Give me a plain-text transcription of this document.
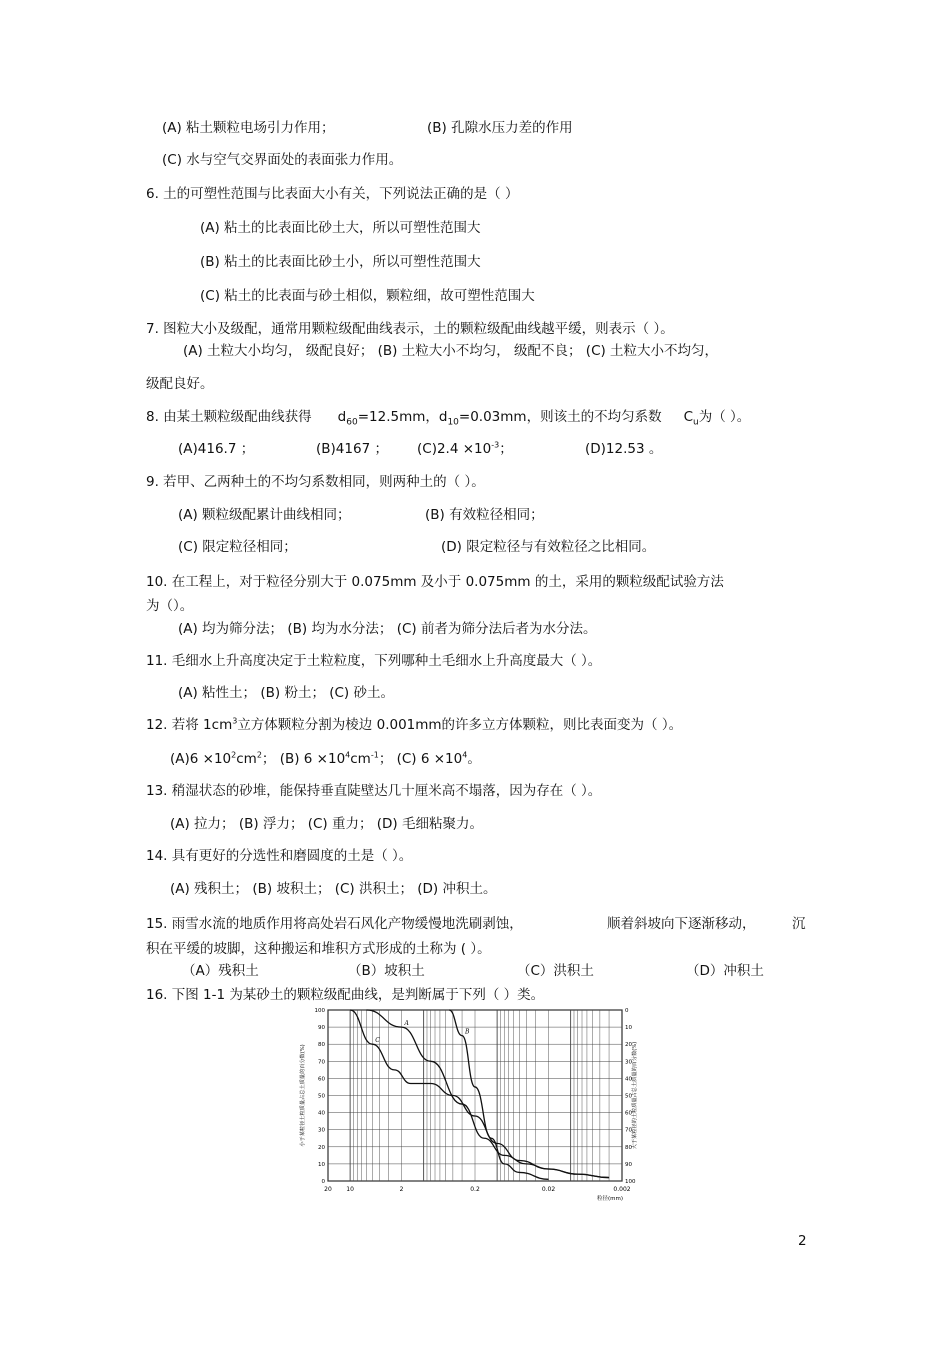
(A) 粘土颗粒电场引力作用；	(B) 孔隙水压力差的作用
(C) 水与空气交界面处的表面张力作用。
6. 土的可塑性范围与比表面大小有关，下列说法正确的是（ ）
(A) 粘土的比表面比砂土大，所以可塑性范围大
(B) 粘土的比表面比砂土小，所以可塑性范围大
(C) 粘土的比表面与砂土相似，颗粒细，故可塑性范围大
7. 图粒大小及级配，通常用颗粒级配曲线表示，土的颗粒级配曲线越平缓，则表示（ ）。
(A) 土粒大小均匀， 级配良好； (B) 土粒大小不均匀， 级配不良； (C) 土粒大小不均匀，
级配良好。
8. 由某土颗粒级配曲线获得 $d_{60}=12.5mm$，$d_{10}=0.03mm$，则该土的不均匀系数 $C_u$为（ ）。
(A)416.7 ；	(B)4167 ； $(C)2.4 \times 10^{-3}$；	(D)12.53 。
9. 若甲、乙两种土的不均匀系数相同，则两种土的（ ）。
(A) 颗粒级配累计曲线相同；	(B) 有效粒径相同；
(C) 限定粒径相同；	(D) 限定粒径与有效粒径之比相同。
10. 在工程上，对于粒径分别大于 0.075mm 及小于 0.075mm 的土，采用的颗粒级配试验方法
为（）。
(A) 均为筛分法； (B) 均为水分法； (C) 前者为筛分法后者为水分法。
11. 毛细水上升高度决定于土粒粒度，下列哪种土毛细水上升高度最大（ ）。
(A) 粘性土； (B) 粉土； (C) 砂土。
12. 若将 $1cm^3$立方体颗粒分割为棱边 0.001mm的许多立方体颗粒，则比表面变为（ ）。
$(A)6 \times 10^2cm^2$； (B) $6 \times 10^4cm^{-1}$； (C) $6 \times 10^4$。
13. 稍湿状态的砂堆，能保持垂直陡壁达几十厘米高不塌落，因为存在（ ）。
(A) 拉力； (B) 浮力； (C) 重力； (D) 毛细粘聚力。
14. 具有更好的分选性和磨圆度的土是（ ）。
(A) 残积土； (B) 坡积土； (C) 洪积土； (D) 冲积土。
15. 雨雪水流的地质作用将高处岩石风化产物缓慢地洗刷剥蚀，	顺着斜坡向下逐渐移动，	沉
积在平缓的坡脚，这种搬运和堆积方式形成的土称为 ( ）。
（A）残积土	（B）坡积土	（C）洪积土	（D）冲积土
16. 下图 1-1 为某砂土的颗粒级配曲线，是判断属于下列（ ）类。
100
90
80
70
60
50
40
30
20
10
0
0
10
20
30
40
50
60
70
80
90
100
20 10	2	0.2	0.02	0.002
粒径(mm)
小于某粒径土粒质量占总土质量的百分数(%)	大于某粒径的土粒质量占总土质量的百分数(%)
A
B
C
2
